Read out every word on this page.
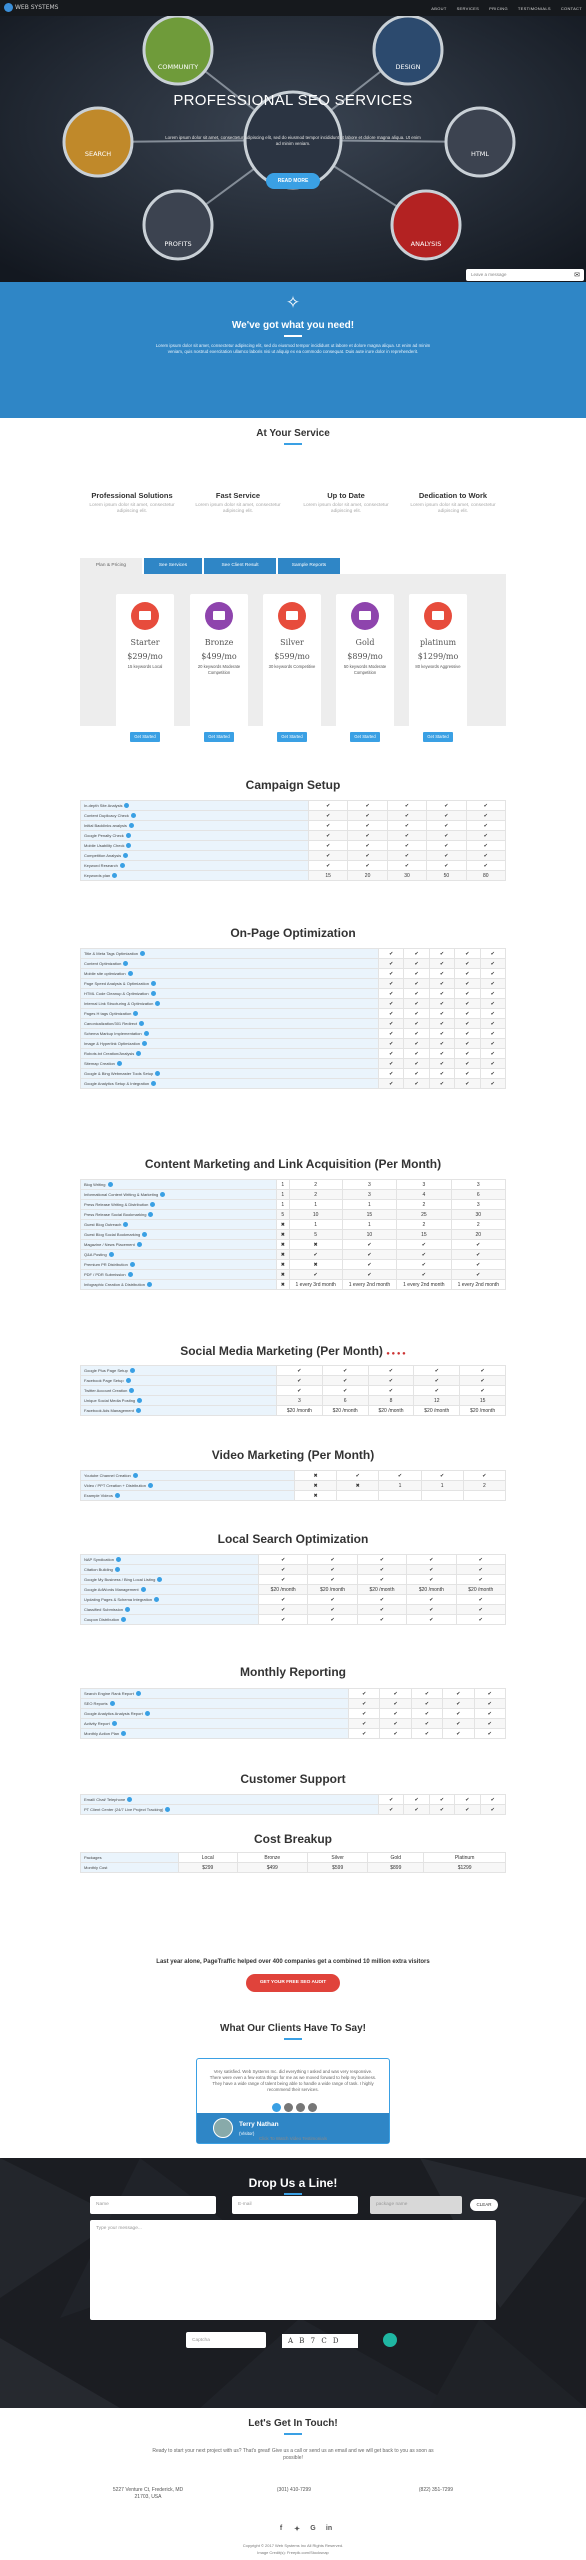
COMMUNITY	DESIGN
SEARCH	HTML
PROFITS	ANALYSIS
PROFESSIONAL SEO SERVICES

Lorem ipsum dolor sit amet, consectetur adipiscing elit, sed do eiusmod tempor incididunt ut labore et dolore magna aliqua. Ut enim ad minim veniam.

READ MORE
Leave a message	✉
WEB SYSTEMS	ABOUT	SERVICES	PRICING	TESTIMONIALS	CONTACT
✧
We've got what you need!

Lorem ipsum dolor sit amet, consectetur adipiscing elit, sed do eiusmod tempor incididunt ut labore et dolore magna aliqua. Ut enim ad minim veniam, quis nostrud exercitation ullamco laboris nisi ut aliquip ex ea commodo consequat. Duis aute irure dolor in reprehenderit.

At Your Service
Professional Solutions

Lorem ipsum dolor sit amet, consectetur adipiscing elit.

Fast Service

Lorem ipsum dolor sit amet, consectetur adipiscing elit.

Up to Date

Lorem ipsum dolor sit amet, consectetur adipiscing elit.

Dedication to Work

Lorem ipsum dolor sit amet, consectetur adipiscing elit.

Plan & Pricing	See Services	See Client Result	Sample Reports
Starter
$299/mo
15 keywords Local
Get Started
Bronze
$499/mo
20 keywords Moderate Competition
Get Started
Silver
$599/mo
30 keywords Competitive
Get Started
Gold
$899/mo
50 keywords Moderate Competition
Get Started
platinum
$1299/mo
80 keywords Aggressive
Get Started
Campaign Setup
In-depth Site Analysis	✔	✔	✔	✔	✔
Content Duplicacy Check	✔	✔	✔	✔	✔
Initial Backlinks analysis	✔	✔	✔	✔	✔
Google Penalty Check	✔	✔	✔	✔	✔
Mobile Usability Check	✔	✔	✔	✔	✔
Competition Analysis	✔	✔	✔	✔	✔
Keyword Research	✔	✔	✔	✔	✔
Keywords plan	15	20	30	50	80
On-Page Optimization
Title & Meta Tags Optimization	✔	✔	✔	✔	✔
Content Optimization	✔	✔	✔	✔	✔
Mobile site optimization	✔	✔	✔	✔	✔
Page Speed Analysis & Optimization	✔	✔	✔	✔	✔
HTML Code Cleanup & Optimization	✔	✔	✔	✔	✔
Internal Link Structuring & Optimization	✔	✔	✔	✔	✔
Pages H tags Optimization	✔	✔	✔	✔	✔
Canonicalization/301 Redirect	✔	✔	✔	✔	✔
Schema Markup Implementation	✔	✔	✔	✔	✔
Image & Hyperlink Optimization	✔	✔	✔	✔	✔
Robots.txt Creation/Analysis	✔	✔	✔	✔	✔
Sitemap Creation	✔	✔	✔	✔	✔
Google & Bing Webmaster Tools Setup	✔	✔	✔	✔	✔
Google Analytics Setup & Integration	✔	✔	✔	✔	✔
Content Marketing and Link Acquisition (Per Month)
Blog Writing	1	2	3	3	3
Informational Content Writing & Marketing	1	2	3	4	6
Press Release Writing & Distribution	1	1	1	2	3
Press Release Social Bookmarking	5	10	15	25	30
Guest Blog Outreach	✖	1	1	2	2
Guest Blog Social Bookmarking	✖	5	10	15	20
Magazine / News Placement	✖	✖	✔	✔	✔
Q&A Posting	✖	✔	✔	✔	✔
Premium PR Distribution	✖	✖	✔	✔	✔
PDF / PDR Submission	✖	✔	✔	✔	✔
Infographic Creation & Distribution	✖	1 every 3rd month	1 every 2nd month	1 every 2nd month	1 every 2nd month
Social Media Marketing (Per Month) ● ● ● ●
Google Plus Page Setup	✔	✔	✔	✔	✔
Facebook Page Setup	✔	✔	✔	✔	✔
Twitter Account Creation	✔	✔	✔	✔	✔
Unique Social Media Posting	3	6	8	12	15
Facebook Ads Management	$20 /month	$20 /month	$20 /month	$20 /month	$20 /month
Video Marketing (Per Month)
Youtube Channel Creation	✖	✔	✔	✔	✔
Video / PPT Creation + Distribution	✖	✖	1	1	2
Example Videos	✖				
Local Search Optimization
NAP Syndication	✔	✔	✔	✔	✔
Citation Building	✔	✔	✔	✔	✔
Google My Business / Bing Local Listing	✔	✔	✔	✔	✔
Google AdWords Management	$20 /month	$20 /month	$20 /month	$20 /month	$20 /month
Updating Pages & Schema Integration	✔	✔	✔	✔	✔
Classified Submission	✔	✔	✔	✔	✔
Coupon Distribution	✔	✔	✔	✔	✔
Monthly Reporting
Search Engine Rank Report	✔	✔	✔	✔	✔
SEO Reports	✔	✔	✔	✔	✔
Google Analytics Analysis Report	✔	✔	✔	✔	✔
Activity Report	✔	✔	✔	✔	✔
Monthly Action Plan	✔	✔	✔	✔	✔
Customer Support
Email/ Chat/ Telephone	✔	✔	✔	✔	✔
PT Client Center (24/7 Live Project Tracking)	✔	✔	✔	✔	✔
Cost Breakup
Packages	Local	Bronze	Silver	Gold	Platinum
Monthly Cost	$299	$499	$599	$899	$1299
Last year alone, PageTraffic helped over 400 companies get a combined 10 million extra visitors
GET YOUR FREE SEO AUDIT
What Our Clients Have To Say!

Very satisfied. Web Systems Inc. did everything I asked and was very responsive. There were even a few extra things for me as we moved forward to help my business. They have a wide range of talent being able to handle a wide range of task. I highly recommend their services.

Terry Nathan
(Visitor)
Click To Watch Video Testimonials
Drop Us a Line!
Name	E-mail	package name	CLEAR
Type your message...
Captcha	A B 7 C D
Let's Get In Touch!
Ready to start your next project with us? That's great! Give us a call or send us an email and we will get back to you as soon as possible!
5227 Venture Ct, Frederick, MD 21703, USA
(301) 410-7299	(822) 351-7299
f	✦	G	in
Copyright © 2017 Web Systems Inc All Rights Reserved.
Image Credit(s): Freepik.com/Stocksnap
